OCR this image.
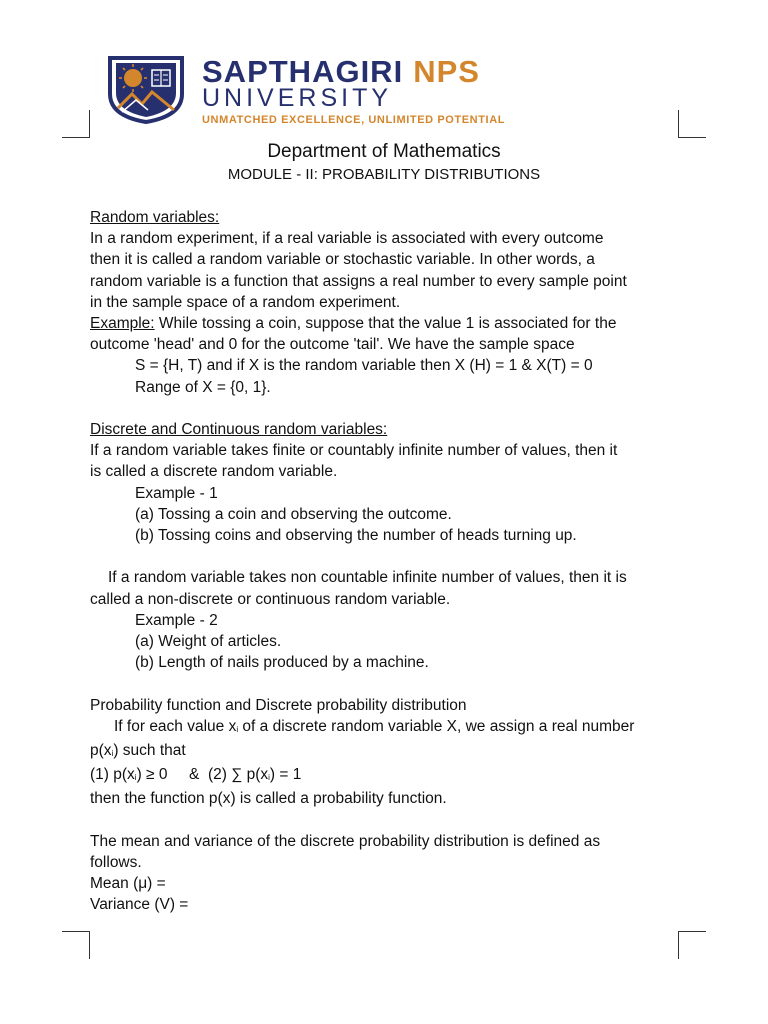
SAPTHAGIRI NPS
UNIVERSITY
UNMATCHED EXCELLENCE, UNLIMITED POTENTIAL
Department of Mathematics
MODULE - II: PROBABILITY DISTRIBUTIONS

Random variables:

In a random experiment, if a real variable is associated with every outcome

then it is called a random variable or stochastic variable. In other words, a

random variable is a function that assigns a real number to every sample point

in the sample space of a random experiment.

Example: While tossing a coin, suppose that the value 1 is associated for the

outcome 'head' and 0 for the outcome 'tail'. We have the sample space

S = {H, T) and if X is the random variable then X (H) = 1 & X(T) = 0

Range of X = {0, 1}.

Discrete and Continuous random variables:

If a random variable takes finite or countably infinite number of values, then it

is called a discrete random variable.

Example - 1

(a) Tossing a coin and observing the outcome.

(b) Tossing coins and observing the number of heads turning up.

If a random variable takes non countable infinite number of values, then it is

called a non-discrete or continuous random variable.

Example - 2

(a) Weight of articles.

(b) Length of nails produced by a machine.

Probability function and Discrete probability distribution

If for each value $x_i$ of a discrete random variable X, we assign a real number

$p(x_i)$ such that

(1) $p(x_i) \ge 0$     &  (2) ∑ $p(x_i) = 1$

then the function p(x) is called a probability function.

The mean and variance of the discrete probability distribution is defined as

follows.

Mean (μ) =

Variance (V) =
